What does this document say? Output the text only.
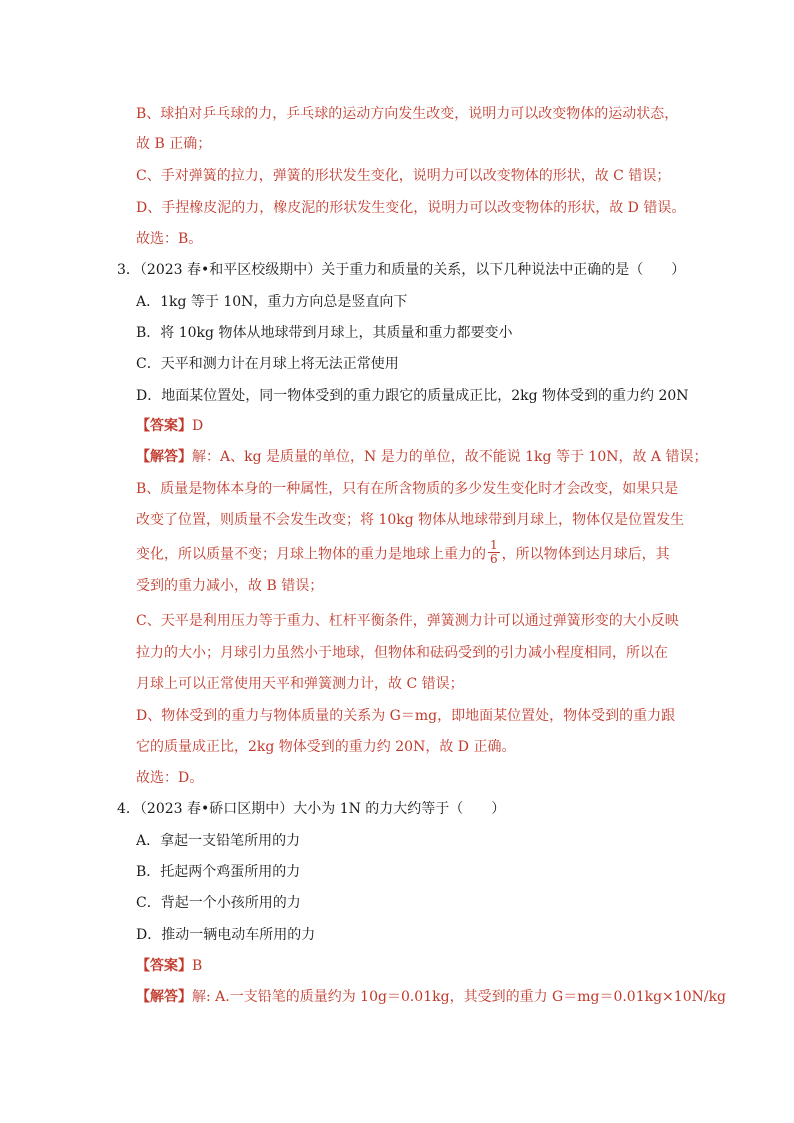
B、球拍对乒乓球的力，乒乓球的运动方向发生改变，说明力可以改变物体的运动状态，
故 B 正确；
C、手对弹簧的拉力，弹簧的形状发生变化，说明力可以改变物体的形状，故 C 错误；
D、手捏橡皮泥的力，橡皮泥的形状发生变化，说明力可以改变物体的形状，故 D 错误。
故选：B。
3．（2023 春•和平区校级期中）关于重力和质量的关系，以下几种说法中正确的是（　　）
A．1kg 等于 10N，重力方向总是竖直向下
B．将 10kg 物体从地球带到月球上，其质量和重力都要变小
C．天平和测力计在月球上将无法正常使用
D．地面某位置处，同一物体受到的重力跟它的质量成正比，2kg 物体受到的重力约 20N
【答案】D
【解答】解：A、kg 是质量的单位，N 是力的单位，故不能说 1kg 等于 10N，故 A 错误；
B、质量是物体本身的一种属性，只有在所含物质的多少发生变化时才会改变，如果只是
改变了位置，则质量不会发生改变；将 10kg 物体从地球带到月球上，物体仅是位置发生
变化，所以质量不变；月球上物体的重力是地球上重力的 $\frac{1}{6}$ ，所以物体到达月球后，其
受到的重力减小，故 B 错误；
C、天平是利用压力等于重力、杠杆平衡条件，弹簧测力计可以通过弹簧形变的大小反映
拉力的大小；月球引力虽然小于地球，但物体和砝码受到的引力减小程度相同，所以在
月球上可以正常使用天平和弹簧测力计，故 C 错误；
D、物体受到的重力与物体质量的关系为 G＝mg，即地面某位置处，物体受到的重力跟
它的质量成正比，2kg 物体受到的重力约 20N，故 D 正确。
故选：D。
4．（2023 春•硚口区期中）大小为 1N 的力大约等于（　　）
A．拿起一支铅笔所用的力
B．托起两个鸡蛋所用的力
C．背起一个小孩所用的力
D．推动一辆电动车所用的力
【答案】B
【解答】解: A.一支铅笔的质量约为 10g＝0.01kg，其受到的重力 G＝mg＝0.01kg×10N/kg
